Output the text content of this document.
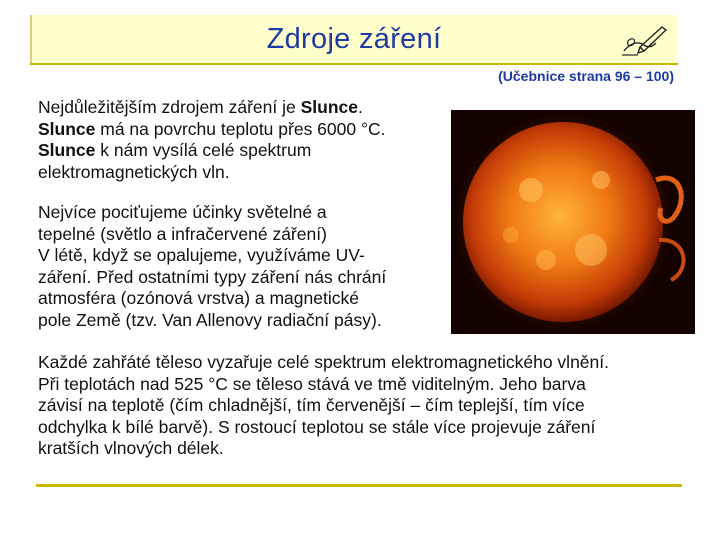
Zdroje záření
(Učebnice strana 96 – 100)

Nejdůležitějším zdrojem záření je Slunce.
Slunce má na povrchu teplotu přes 6000 °C.
Slunce k nám vysílá celé spektrum
elektromagnetických vln.

Nejvíce pociťujeme účinky světelné a
tepelné (světlo a infračervené záření)
V létě, když se opalujeme, využíváme UV-
záření. Před ostatními typy záření nás chrání
atmosféra (ozónová vrstva) a magnetické
pole Země (tzv. Van Allenovy radiační pásy).

Každé zahřáté těleso vyzařuje celé spektrum elektromagnetického vlnění.
Při teplotách nad 525 °C se těleso stává ve tmě viditelným. Jeho barva
závisí na teplotě (čím chladnější, tím červenější – čím teplejší, tím více
odchylka k bílé barvě). S rostoucí teplotou se stále více projevuje záření
kratších vlnových délek.
